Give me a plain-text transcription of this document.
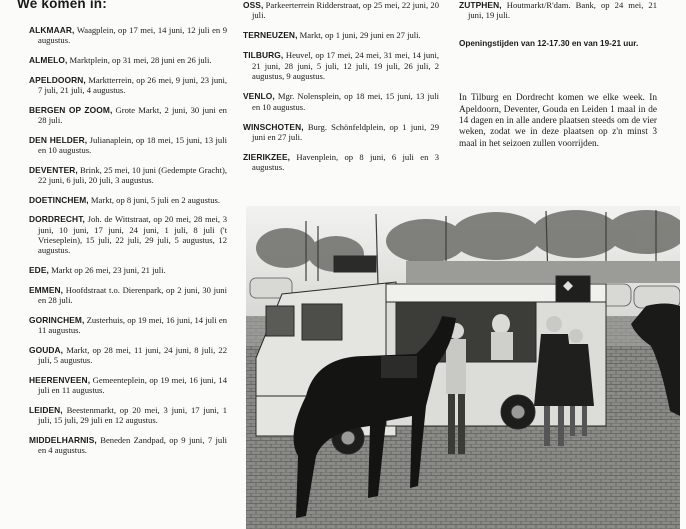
We komen in:
ALKMAAR, Waagplein, op 17 mei, 14 juni, 12 juli en 9 augustus.
ALMELO, Marktplein, op 31 mei, 28 juni en 26 juli.
APELDOORN, Marktterrein, op 26 mei, 9 juni, 23 juni, 7 juli, 21 juli, 4 augustus.
BERGEN OP ZOOM, Grote Markt, 2 juni, 30 juni en 28 juli.
DEN HELDER, Julianaplein, op 18 mei, 15 juni, 13 juli en 10 augustus.
DEVENTER, Brink, 25 mei, 10 juni (Gedempte Gracht), 22 juni, 6 juli, 20 juli, 3 augustus.
DOETINCHEM, Markt, op 8 juni, 5 juli en 2 augustus.
DORDRECHT, Joh. de Wittstraat, op 20 mei, 28 mei, 3 juni, 10 juni, 17 juni, 24 juni, 1 juli, 8 juli ('t Vrieseplein), 15 juli, 22 juli, 29 juli, 5 augustus, 12 augustus.
EDE, Markt op 26 mei, 23 juni, 21 juli.
EMMEN, Hoofdstraat t.o. Dierenpark, op 2 juni, 30 juni en 28 juli.
GORINCHEM, Zusterhuis, op 19 mei, 16 juni, 14 juli en 11 augustus.
GOUDA, Markt, op 28 mei, 11 juni, 24 juni, 8 juli, 22 juli, 5 augustus.
HEERENVEEN, Gemeenteplein, op 19 mei, 16 juni, 14 juli en 11 augustus.
LEIDEN, Beestenmarkt, op 20 mei, 3 juni, 17 juni, 1 juli, 15 juli, 29 juli en 12 augustus.
MIDDELHARNIS, Beneden Zandpad, op 9 juni, 7 juli en 4 augustus.
OSS, Parkeerterrein Ridderstraat, op 25 mei, 22 juni, 20 juli.
TERNEUZEN, Markt, op 1 juni, 29 juni en 27 juli.
TILBURG, Heuvel, op 17 mei, 24 mei, 31 mei, 14 juni, 21 juni, 28 juni, 5 juli, 12 juli, 19 juli, 26 juli, 2 augustus, 9 augustus.
VENLO, Mgr. Nolensplein, op 18 mei, 15 juni, 13 juli en 10 augustus.
WINSCHOTEN, Burg. Schönfeldplein, op 1 juni, 29 juni en 27 juli.
ZIERIKZEE, Havenplein, op 8 juni, 6 juli en 3 augustus.
ZUTPHEN, Houtmarkt/R'dam. Bank, op 24 mei, 21 juni, 19 juli.
Openingstijden van 12-17.30 en van 19-21 uur.
In Tilburg en Dordrecht komen we elke week. In Apeldoorn, Deventer, Gouda en Leiden 1 maal in de 14 dagen en in alle andere plaatsen steeds om de vier weken, zodat we in deze plaatsen op z'n minst 3 maal in het seizoen zullen voorrijden.
